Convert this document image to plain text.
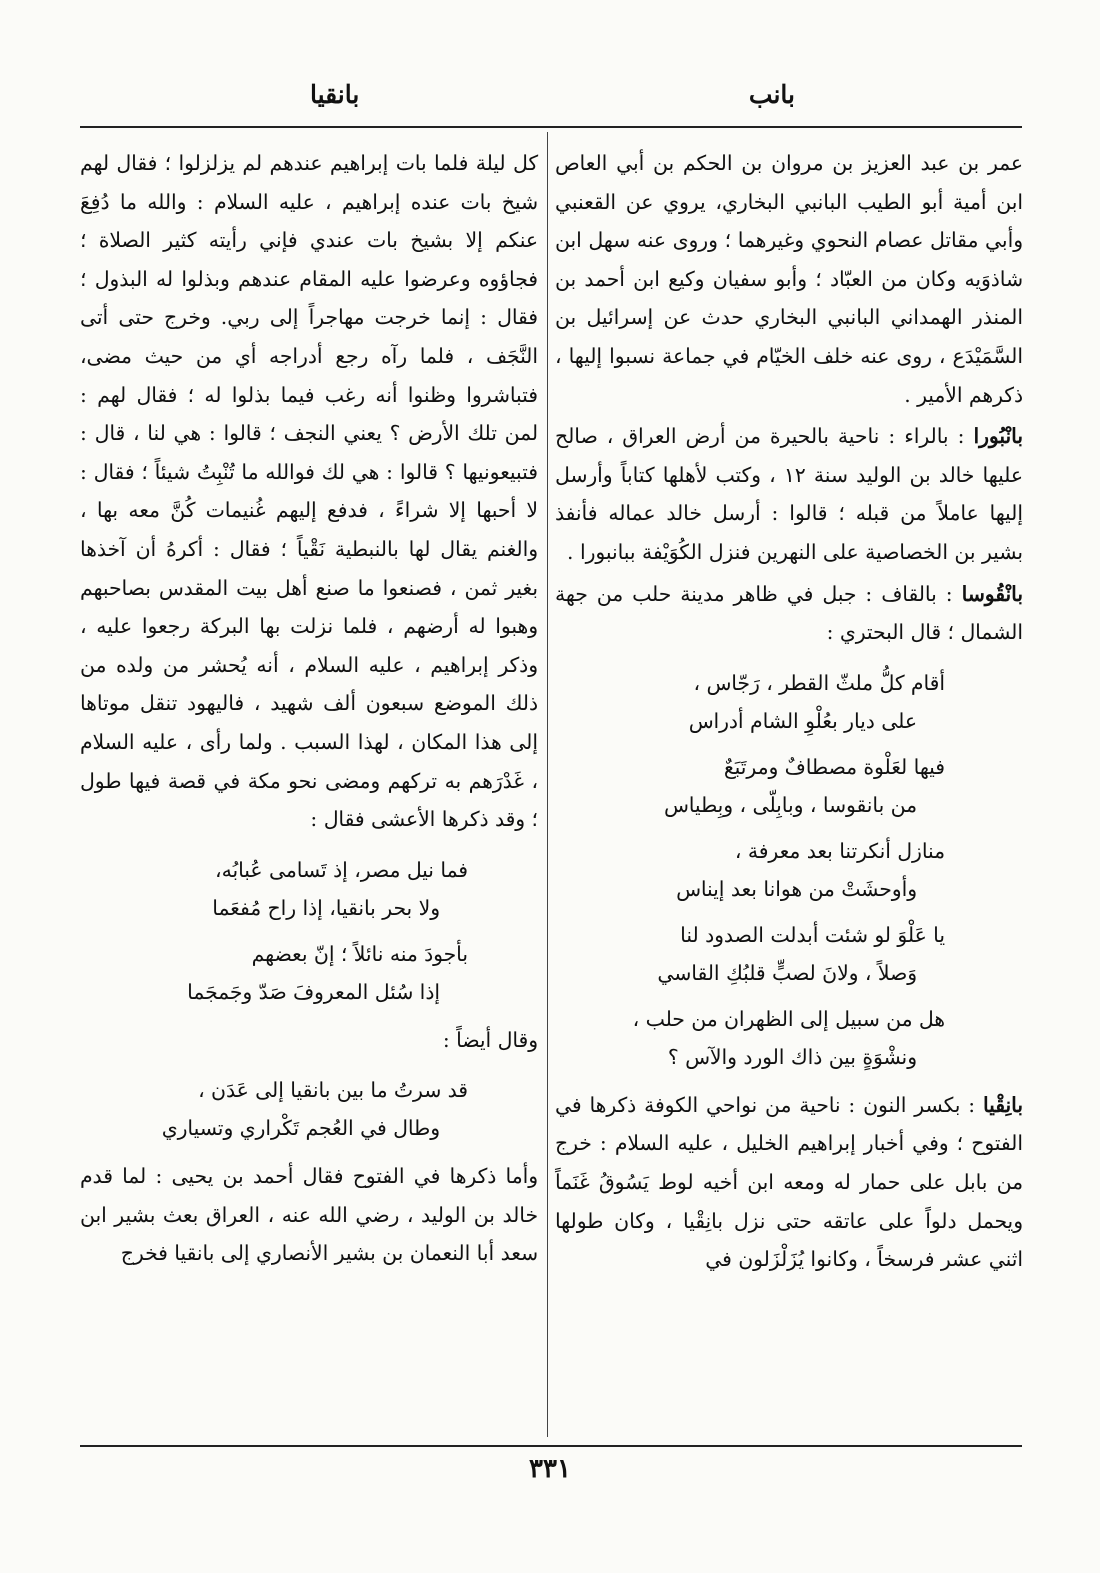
بانب
بانقيا

عمر بن عبد العزيز بن مروان بن الحكم بن أبي العاص ابن أمية أبو الطيب البانبي البخاري، يروي عن القعنبي وأبي مقاتل عصام النحوي وغيرهما ؛ وروى عنه سهل ابن شاذوَيه وكان من العبّاد ؛ وأبو سفيان وكيع ابن أحمد بن المنذر الهمداني البانبي البخاري حدث عن إسرائيل بن السَّمَيْدَع ، روى عنه خلف الخيّام في جماعة نسبوا إليها ، ذكرهم الأمير .

بانْبُورا : بالراء : ناحية بالحيرة من أرض العراق ، صالح عليها خالد بن الوليد سنة ١٢ ، وكتب لأهلها كتاباً وأرسل إليها عاملاً من قبله ؛ قالوا : أرسل خالد عماله فأنفذ بشير بن الخصاصية على النهرين فنزل الكُوَيْفة ببانبورا .

بانْقُوسا : بالقاف : جبل في ظاهر مدينة حلب من جهة الشمال ؛ قال البحتري :

أقام كلُّ ملثّ القطر ، رَجّاس ،
على ديار بعُلْوِ الشام أدراس
فيها لعَلْوة مصطافٌ ومرتَبَعٌ
من بانقوسا ، وبابِلّى ، وبِطياس
منازل أنكرتنا بعد معرفة ،
وأوحشَتْ من هوانا بعد إيناس
يا عَلْوَ لو شئت أبدلت الصدود لنا
وَصلاً ، ولانَ لصبٍّ قلبُكِ القاسي
هل من سبيل إلى الظهران من حلب ،
ونشْوَةٍ بين ذاك الورد والآس ؟

بانِقْيا : بكسر النون : ناحية من نواحي الكوفة ذكرها في الفتوح ؛ وفي أخبار إبراهيم الخليل ، عليه السلام : خرج من بابل على حمار له ومعه ابن أخيه لوط يَسُوقُ غَنَماً ويحمل دلواً على عاتقه حتى نزل بانِقْيا ، وكان طولها اثني عشر فرسخاً ، وكانوا يُزَلْزَلون في

كل ليلة فلما بات إبراهيم عندهم لم يزلزلوا ؛ فقال لهم شيخ بات عنده إبراهيم ، عليه السلام : والله ما دُفِعَ عنكم إلا بشيخ بات عندي فإني رأيته كثير الصلاة ؛ فجاؤوه وعرضوا عليه المقام عندهم وبذلوا له البذول ؛ فقال : إنما خرجت مهاجراً إلى ربي. وخرج حتى أتى النَّجَف ، فلما رآه رجع أدراجه أي من حيث مضى، فتباشروا وظنوا أنه رغب فيما بذلوا له ؛ فقال لهم : لمن تلك الأرض ؟ يعني النجف ؛ قالوا : هي لنا ، قال : فتبيعونيها ؟ قالوا : هي لك فوالله ما تُنْبِتُ شيئاً ؛ فقال : لا أحبها إلا شراءً ، فدفع إليهم غُنيمات كُنَّ معه بها ، والغنم يقال لها بالنبطية نَقْياً ؛ فقال : أكرهُ أن آخذها بغير ثمن ، فصنعوا ما صنع أهل بيت المقدس بصاحبهم وهبوا له أرضهم ، فلما نزلت بها البركة رجعوا عليه ، وذكر إبراهيم ، عليه السلام ، أنه يُحشر من ولده من ذلك الموضع سبعون ألف شهيد ، فاليهود تنقل موتاها إلى هذا المكان ، لهذا السبب . ولما رأى ، عليه السلام ، غَدْرَهم به تركهم ومضى نحو مكة في قصة فيها طول ؛ وقد ذكرها الأعشى فقال :

فما نيل مصر، إذ تَسامى عُبابُه،
ولا بحر بانقيا، إذا راح مُفعَما
بأجودَ منه نائلاً ؛ إنّ بعضهم
إذا سُئل المعروفَ صَدّ وجَمجَما

وقال أيضاً :

قد سرتُ ما بين بانقيا إلى عَدَن ،
وطال في العُجم تَكْراري وتسياري

وأما ذكرها في الفتوح فقال أحمد بن يحيى : لما قدم خالد بن الوليد ، رضي الله عنه ، العراق بعث بشير ابن سعد أبا النعمان بن بشير الأنصاري إلى بانقيا فخرج

٣٣١
